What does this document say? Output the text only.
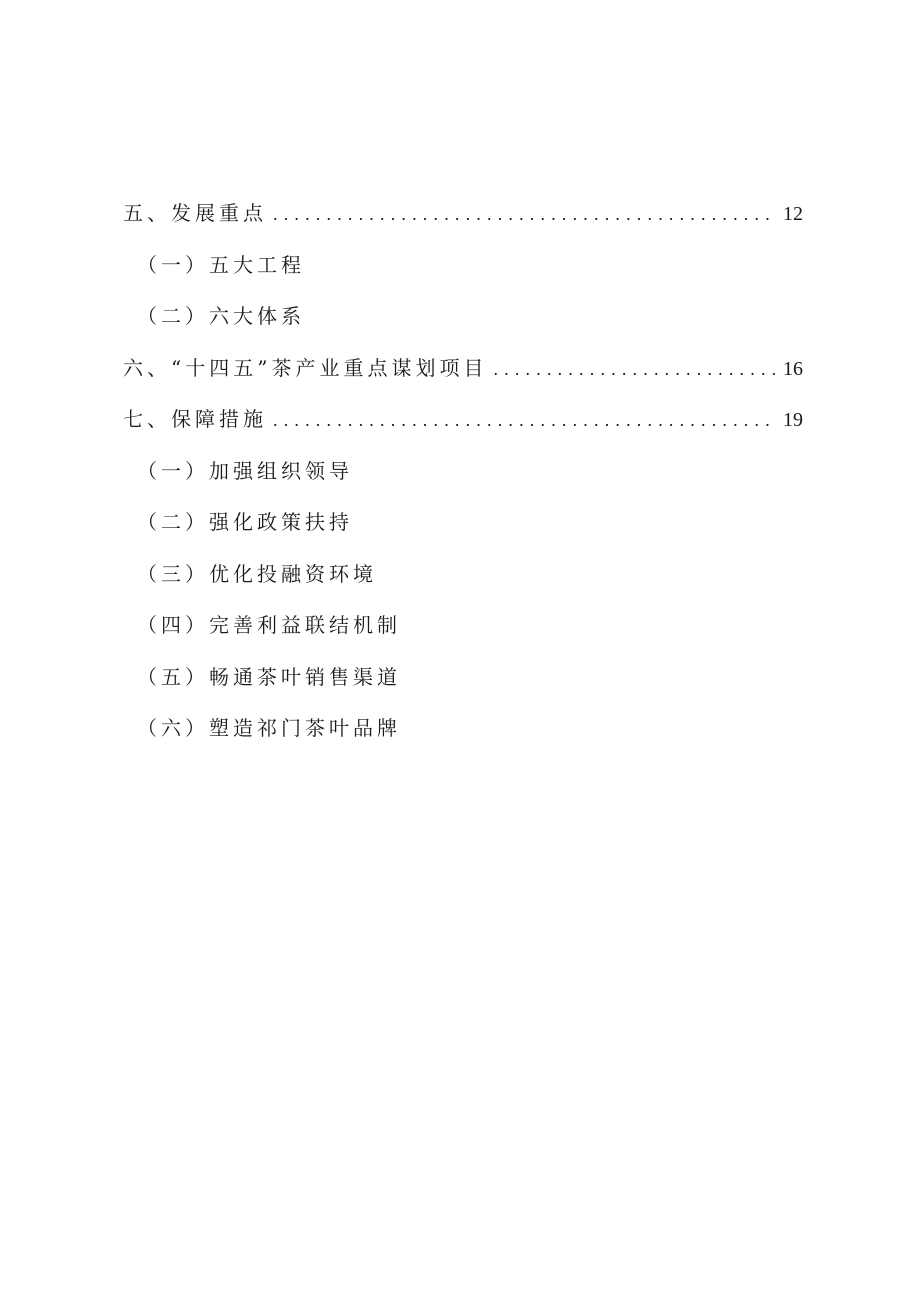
五、发展重点 .....	12
（一）五大工程
（二）六大体系
六、“十四五”茶产业重点谋划项目 .....	16
七、保障措施 .....	19
（一）加强组织领导
（二）强化政策扶持
（三）优化投融资环境
（四）完善利益联结机制
（五）畅通茶叶销售渠道
（六）塑造祁门茶叶品牌
